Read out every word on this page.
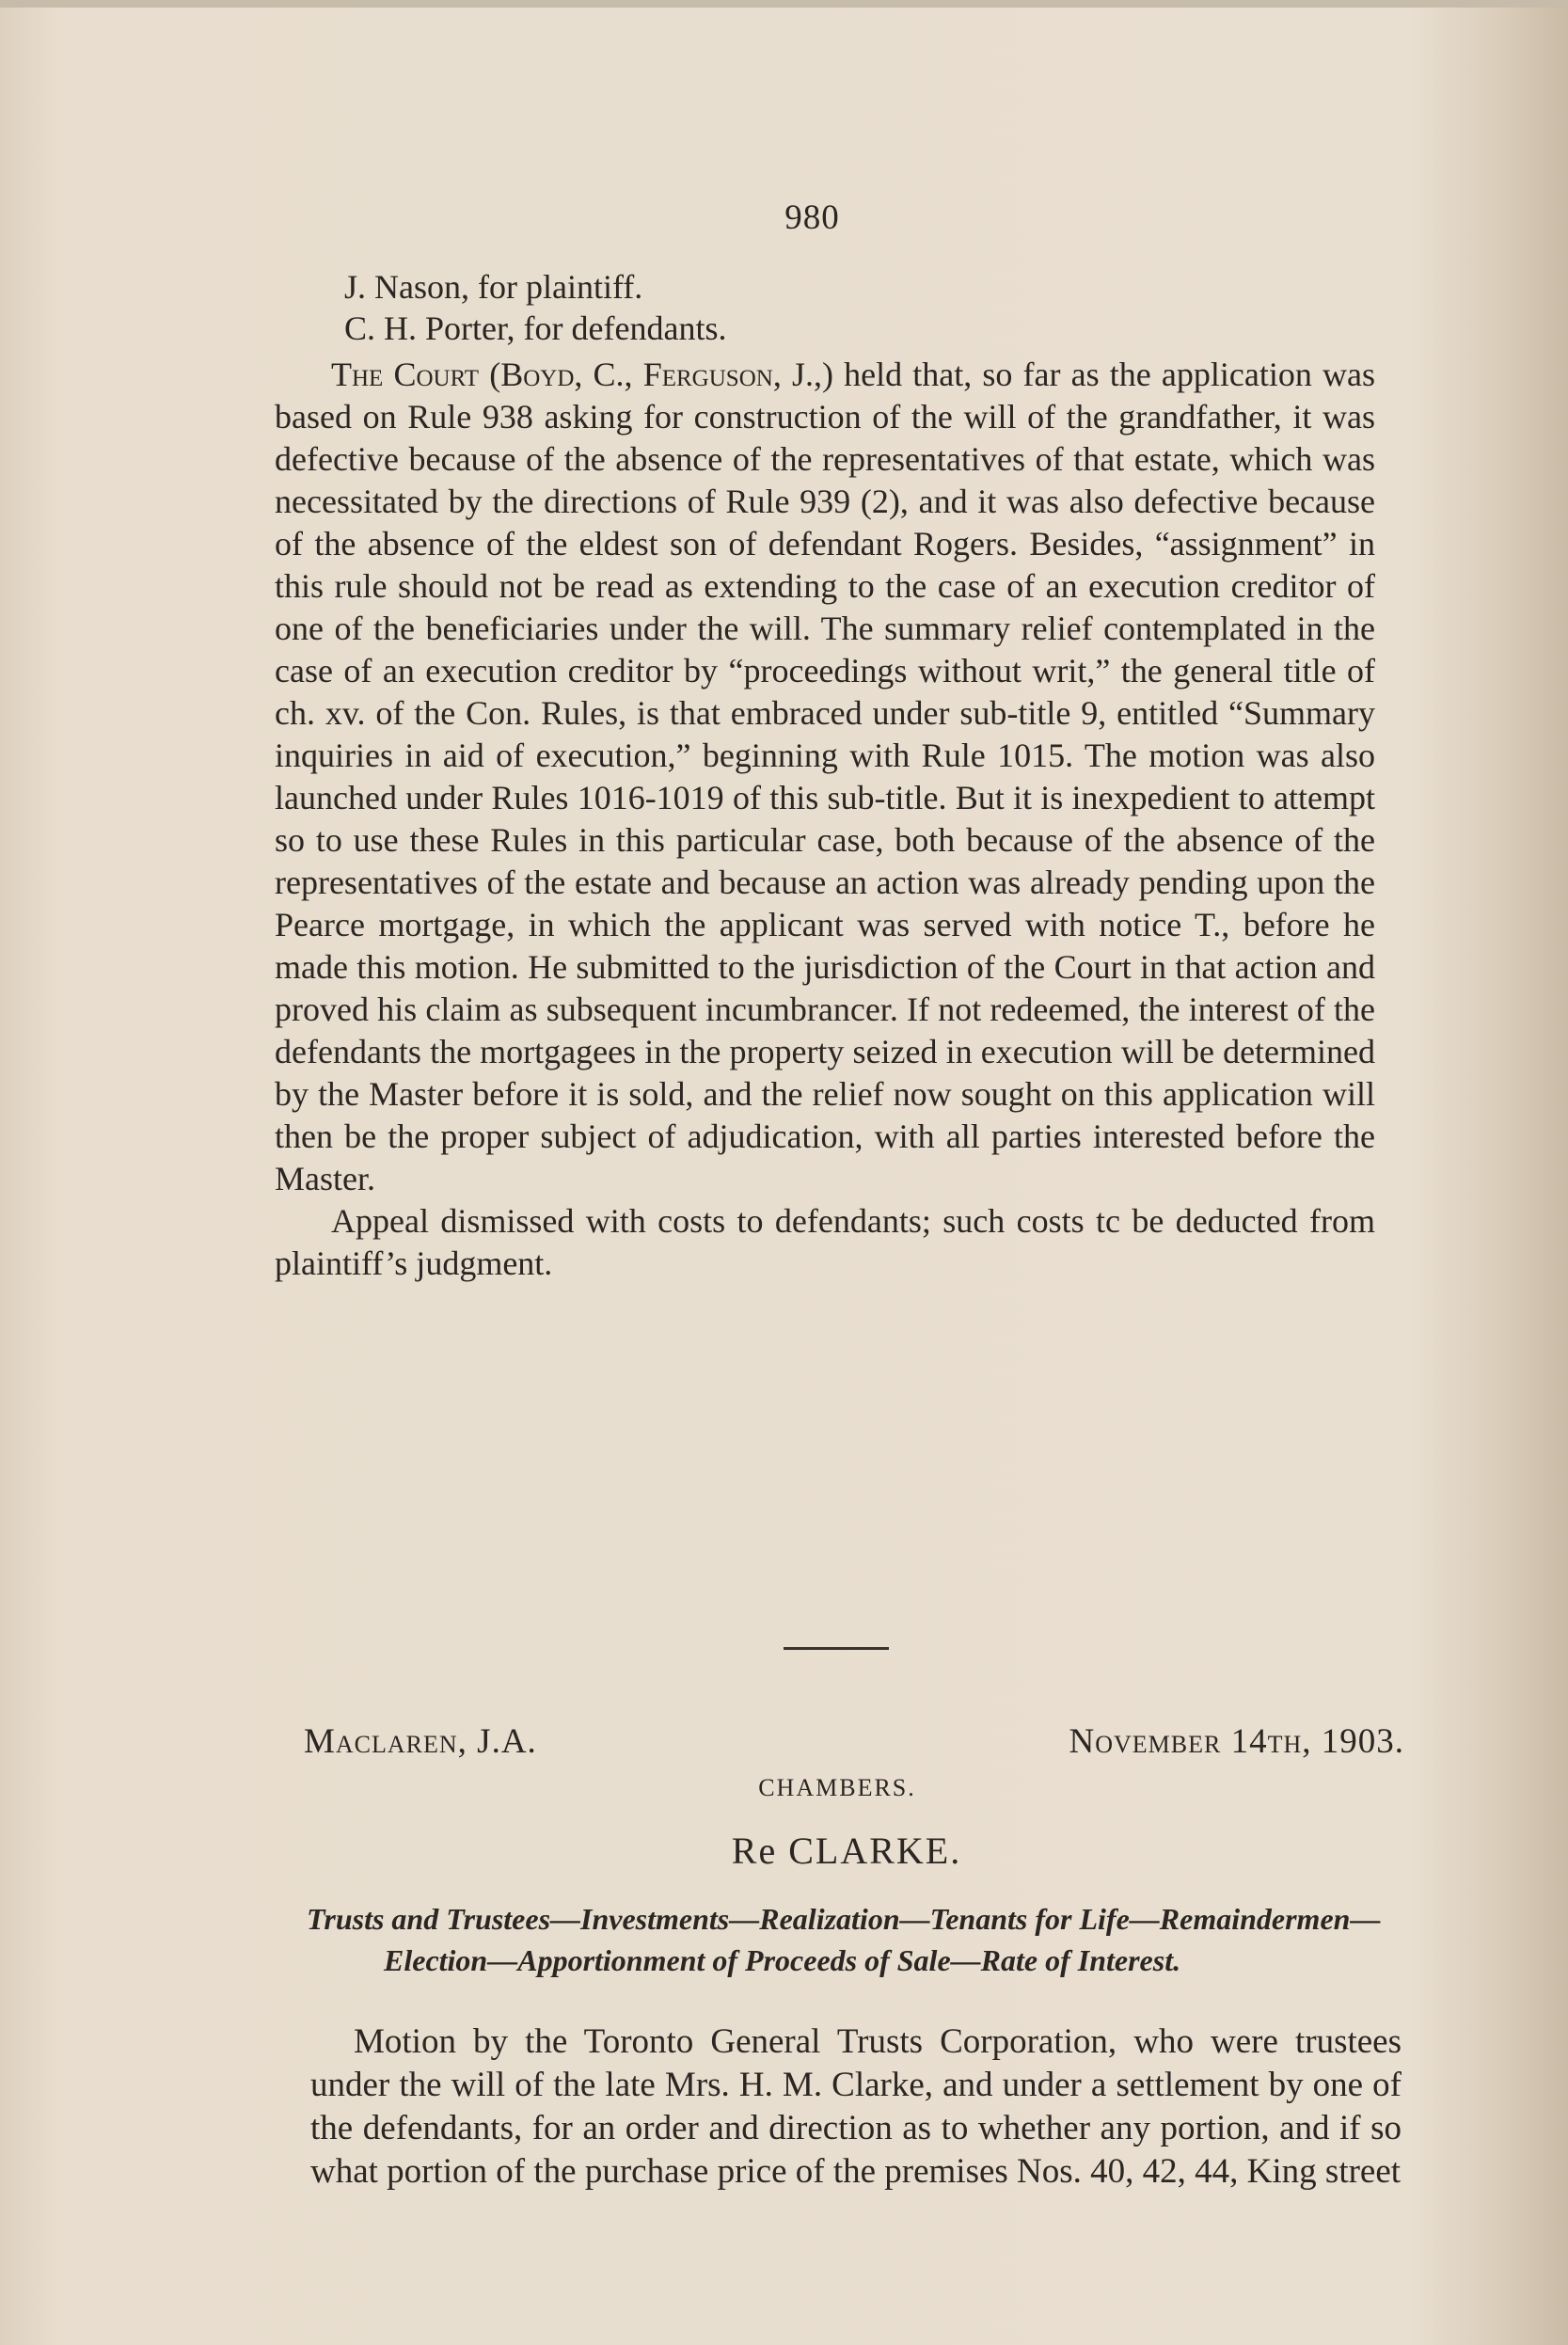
980

J. Nason, for plaintiff.

C. H. Porter, for defendants.

The Court (Boyd, C., Ferguson, J.,) held that, so far as the application was based on Rule 938 asking for construction of the will of the grandfather, it was defective because of the absence of the representatives of that estate, which was necessitated by the directions of Rule 939 (2), and it was also defective because of the absence of the eldest son of defendant Rogers. Besides, “assignment” in this rule should not be read as extending to the case of an execution creditor of one of the beneficiaries under the will. The summary relief contemplated in the case of an execution creditor by “proceedings without writ,” the general title of ch. xv. of the Con. Rules, is that embraced under sub-title 9, entitled “Summary inquiries in aid of execution,” beginning with Rule 1015. The motion was also launched under Rules 1016-1019 of this sub-title. But it is inexpedient to attempt so to use these Rules in this particular case, both because of the absence of the representatives of the estate and because an action was already pending upon the Pearce mortgage, in which the applicant was served with notice T., before he made this motion. He submitted to the jurisdiction of the Court in that action and proved his claim as subsequent incumbrancer. If not redeemed, the interest of the defendants the mortgagees in the property seized in execution will be determined by the Master before it is sold, and the relief now sought on this application will then be the proper subject of adjudication, with all parties interested before the Master.

Appeal dismissed with costs to defendants; such costs tc be deducted from plaintiff’s judgment.

Maclaren, J.A.	November 14th, 1903.
CHAMBERS.
Re CLARKE.

Trusts and Trustees—Investments—Realization—Tenants for Life—Remaindermen—Election—Apportionment of Proceeds of Sale—Rate of Interest.

Motion by the Toronto General Trusts Corporation, who were trustees under the will of the late Mrs. H. M. Clarke, and under a settlement by one of the defendants, for an order and direction as to whether any portion, and if so what portion of the purchase price of the premises Nos. 40, 42, 44, King street
